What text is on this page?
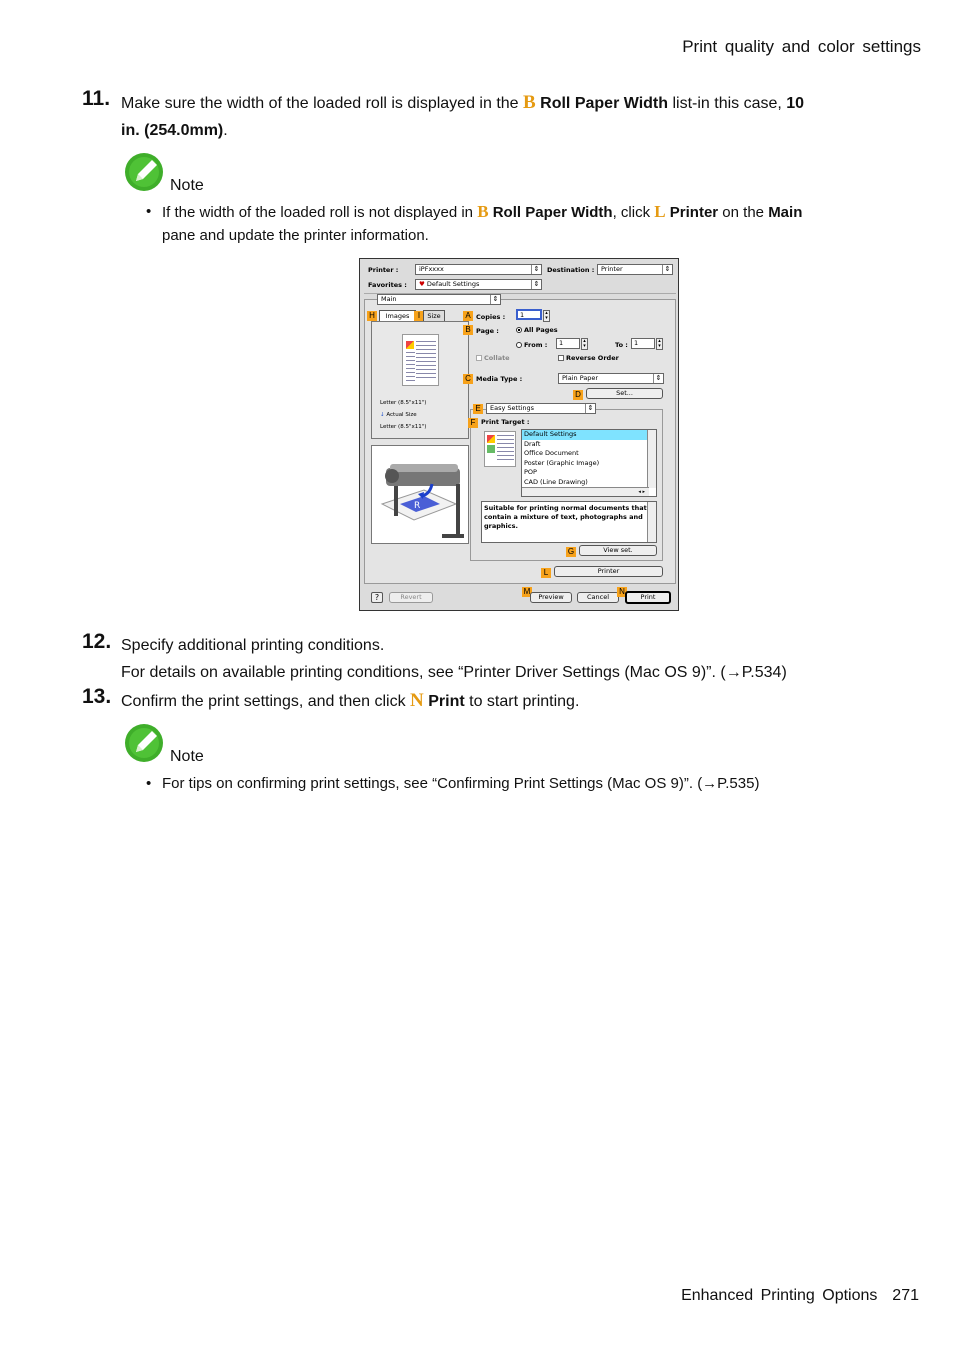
Print quality and color settings
11. Make sure the width of the loaded roll is displayed in the B Roll Paper Width list-in this case, 10
in. (254.0mm).
Note
• If the width of the loaded roll is not displayed in B Roll Paper Width, click L Printer on the Main
pane and update the printer information.
Printer :	iPFxxxx	⇕ Destination :	Printer	⇕
Favorites :	♥ Default Settings	⇕
Main	⇕
H	Images	I	Size
Letter (8.5"x11")
↓ Actual Size
Letter (8.5"x11")
R
A Copies :	1	▴
▾
B Page :	All Pages
From :	1	▴
▾	To : 1	▴
▾
Collate	Reverse Order
C Media Type :	Plain Paper	⇕
D	Set...
E	Easy Settings	⇕
F Print Target :
Default Settings
Draft
Office Document
Poster (Graphic Image)
POP
CAD (Line Drawing)
◂ ▸
Suitable for printing normal documents that contain a mixture of text, photographs and graphics.
G	View set.
L	Printer
?	Revert
M
Preview	Cancel
N
Print
12. Specify additional printing conditions.
For details on available printing conditions, see “Printer Driver Settings (Mac OS 9)”. (→P.534)
13. Confirm the print settings, and then click N Print to start printing.
Note
• For tips on confirming print settings, see “Confirming Print Settings (Mac OS 9)”. (→P.535)
Enhanced Printing Options 271
